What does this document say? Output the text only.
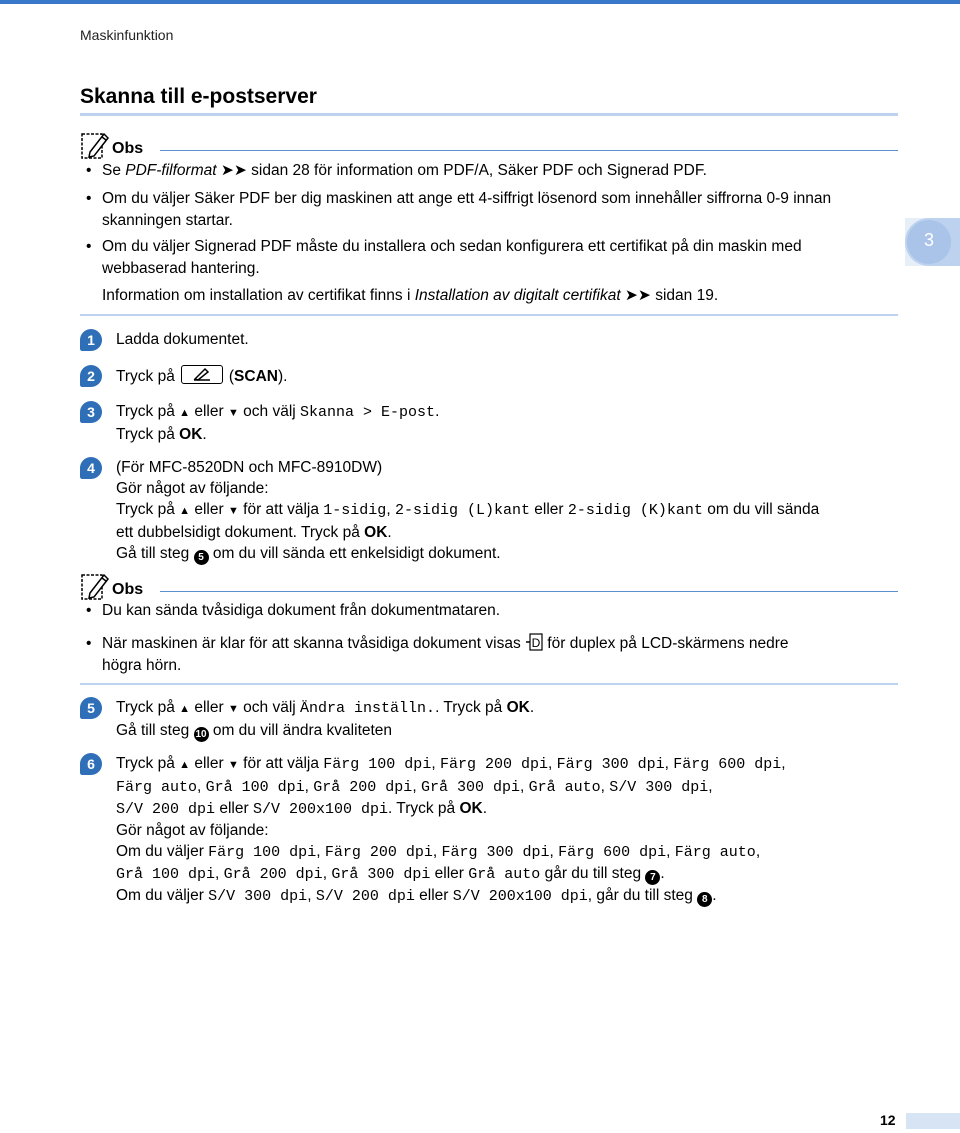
Maskinfunktion
Skanna till e-postserver
3
Obs
• Se PDF-filformat ➤➤ sidan 28 för information om PDF/A, Säker PDF och Signerad PDF.
• Om du väljer Säker PDF ber dig maskinen att ange ett 4-siffrigt lösenord som innehåller siffrorna 0-9 innan
skanningen startar.
• Om du väljer Signerad PDF måste du installera och sedan konfigurera ett certifikat på din maskin med
webbaserad hantering.
Information om installation av certifikat finns i Installation av digitalt certifikat ➤➤ sidan 19.
1	Ladda dokumentet.
2	Tryck på	(SCAN).
3	Tryck på ▲ eller ▼ och välj Skanna > E-post.
Tryck på OK.
4	(För MFC-8520DN och MFC-8910DW)
Gör något av följande:
Tryck på ▲ eller ▼ för att välja 1-sidig, 2-sidig (L)kant eller 2-sidig (K)kant om du vill sända
ett dubbelsidigt dokument. Tryck på OK.
Gå till steg 5 om du vill sända ett enkelsidigt dokument.
Obs
• Du kan sända tvåsidiga dokument från dokumentmataren.
• När maskinen är klar för att skanna tvåsidiga dokument visas D för duplex på LCD-skärmens nedre
högra hörn.
5	Tryck på ▲ eller ▼ och välj Ändra inställn.. Tryck på OK.
Gå till steg 10 om du vill ändra kvaliteten
6	Tryck på ▲ eller ▼ för att välja Färg 100 dpi, Färg 200 dpi, Färg 300 dpi, Färg 600 dpi,
Färg auto, Grå 100 dpi, Grå 200 dpi, Grå 300 dpi, Grå auto, S/V 300 dpi,
S/V 200 dpi eller S/V 200x100 dpi. Tryck på OK.
Gör något av följande:
Om du väljer Färg 100 dpi, Färg 200 dpi, Färg 300 dpi, Färg 600 dpi, Färg auto,
Grå 100 dpi, Grå 200 dpi, Grå 300 dpi eller Grå auto går du till steg 7 .
Om du väljer S/V 300 dpi, S/V 200 dpi eller S/V 200x100 dpi, går du till steg 8 .
12
